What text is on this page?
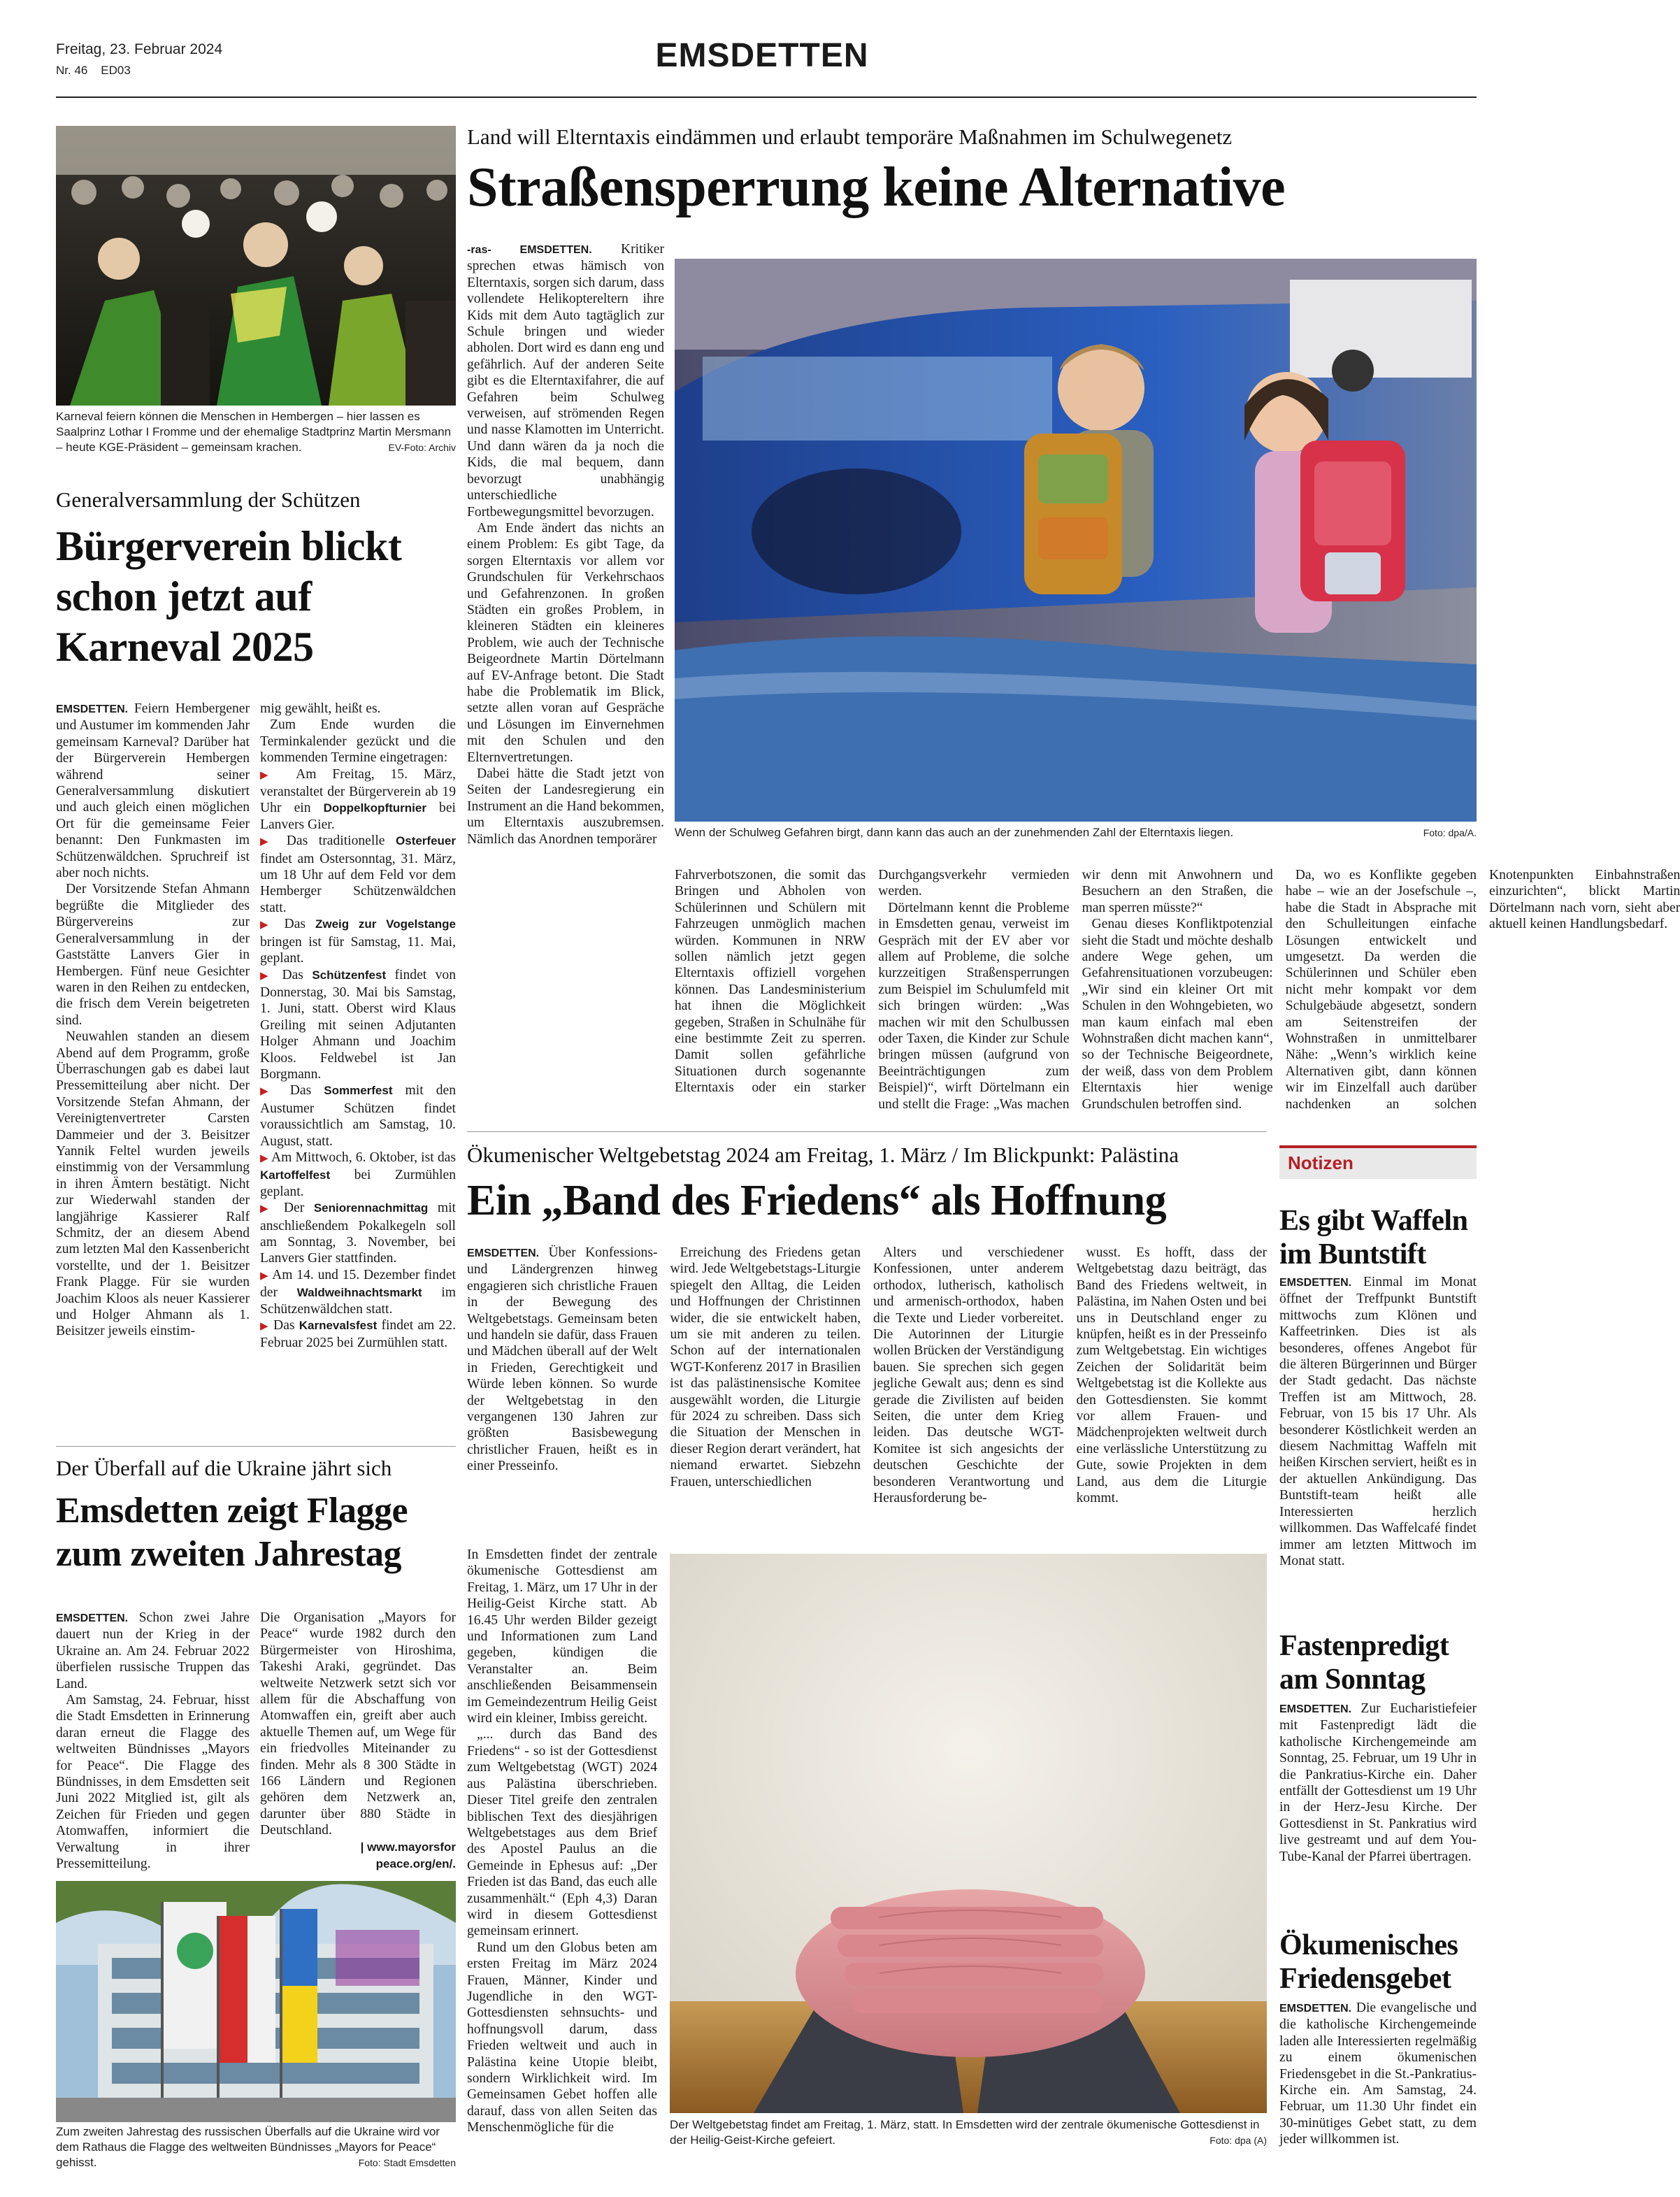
Freitag, 23. Februar 2024
Nr. 46 ED03	EMSDETTEN
Karneval feiern können die Menschen in Hembergen – hier lassen es Saalprinz Lothar I Fromme und der ehemalige Stadtprinz Martin Mersmann – heute KGE-Präsident – gemeinsam krachen.	EV-Foto: Archiv
Generalversammlung der Schützen
Bürgerverein blickt schon jetzt auf Karneval 2025

EMSDETTEN. Feiern Hembergener und Austumer im kommenden Jahr gemeinsam Karneval? Darüber hat der Bürgerverein Hembergen während seiner Generalversammlung diskutiert und auch gleich einen möglichen Ort für die gemeinsame Feier benannt: Den Funkmasten im Schützenwäldchen. Spruchreif ist aber noch nichts.

Der Vorsitzende Stefan Ahmann begrüßte die Mitglieder des Bürgervereins zur Generalversammlung in der Gaststätte Lanvers Gier in Hembergen. Fünf neue Gesichter waren in den Reihen zu entdecken, die frisch dem Verein beigetreten sind.

Neuwahlen standen an diesem Abend auf dem Programm, große Überraschungen gab es dabei laut Pressemitteilung aber nicht. Der Vorsitzende Stefan Ahmann, der Vereinigtenvertreter Carsten Dammeier und der 3. Beisitzer Yannik Feltel wurden jeweils einstimmig von der Versammlung in ihren Ämtern bestätigt. Nicht zur Wiederwahl standen der langjährige Kassierer Ralf Schmitz, der an diesem Abend zum letzten Mal den Kassenbericht vorstellte, und der 1. Beisitzer Frank Plagge. Für sie wurden Joachim Kloos als neuer Kassierer und Holger Ahmann als 1. Beisitzer jeweils einstim-

mig gewählt, heißt es.

Zum Ende wurden die Terminkalender gezückt und die kommenden Termine eingetragen:

▶ Am Freitag, 15. März, veranstaltet der Bürgerverein ab 19 Uhr ein Doppelkopfturnier bei Lanvers Gier.

▶ Das traditionelle Osterfeuer findet am Ostersonntag, 31. März, um 18 Uhr auf dem Feld vor dem Hemberger Schützenwäldchen statt.

▶ Das Zweig zur Vogelstange bringen ist für Samstag, 11. Mai, geplant.

▶ Das Schützenfest findet von Donnerstag, 30. Mai bis Samstag, 1. Juni, statt. Oberst wird Klaus Greiling mit seinen Adjutanten Holger Ahmann und Joachim Kloos. Feldwebel ist Jan Borgmann.

▶ Das Sommerfest mit den Austumer Schützen findet voraussichtlich am Samstag, 10. August, statt.

▶ Am Mittwoch, 6. Oktober, ist das Kartoffelfest bei Zurmühlen geplant.

▶ Der Seniorennachmittag mit anschließendem Pokalkegeln soll am Sonntag, 3. November, bei Lanvers Gier stattfinden.

▶ Am 14. und 15. Dezember findet der Waldweihnachtsmarkt im Schützenwäldchen statt.

▶ Das Karnevalsfest findet am 22. Februar 2025 bei Zurmühlen statt.

Der Überfall auf die Ukraine jährt sich
Emsdetten zeigt Flagge zum zweiten Jahrestag

EMSDETTEN. Schon zwei Jahre dauert nun der Krieg in der Ukraine an. Am 24. Februar 2022 überfielen russische Truppen das Land.

Am Samstag, 24. Februar, hisst die Stadt Emsdetten in Erinnerung daran erneut die Flagge des weltweiten Bündnisses „Mayors for Peace“. Die Flagge des Bündnisses, in dem Emsdetten seit Juni 2022 Mitglied ist, gilt als Zeichen für Frieden und gegen Atomwaffen, informiert die Verwaltung in ihrer Pressemitteilung.

Die Organisation „Mayors for Peace“ wurde 1982 durch den Bürgermeister von Hiroshima, Takeshi Araki, gegründet. Das weltweite Netzwerk setzt sich vor allem für die Abschaffung von Atomwaffen ein, greift aber auch aktuelle Themen auf, um Wege für ein friedvolles Miteinander zu finden. Mehr als 8 300 Städte in 166 Ländern und Regionen gehören dem Netzwerk an, darunter über 880 Städte in Deutschland.

| www.mayorsfor peace.org/en/.
Zum zweiten Jahrestag des russischen Überfalls auf die Ukraine wird vor dem Rathaus die Flagge des weltweiten Bündnisses „Mayors for Peace“ gehisst.	Foto: Stadt Emsdetten
Land will Elterntaxis eindämmen und erlaubt temporäre Maßnahmen im Schulwegenetz
Straßensperrung keine Alternative

-ras- EMSDETTEN. Kritiker sprechen etwas hämisch von Elterntaxis, sorgen sich darum, dass vollendete Helikoptereltern ihre Kids mit dem Auto tagtäglich zur Schule bringen und wieder abholen. Dort wird es dann eng und gefährlich. Auf der anderen Seite gibt es die Elterntaxifahrer, die auf Gefahren beim Schulweg verweisen, auf strömenden Regen und nasse Klamotten im Unterricht. Und dann wären da ja noch die Kids, die mal bequem, dann bevorzugt unabhängig unterschiedliche Fortbewegungsmittel bevorzugen.

Am Ende ändert das nichts an einem Problem: Es gibt Tage, da sorgen Elterntaxis vor allem vor Grundschulen für Verkehrschaos und Gefahrenzonen. In großen Städten ein großes Problem, in kleineren Städten ein kleineres Problem, wie auch der Technische Beigeordnete Martin Dörtelmann auf EV-Anfrage betont. Die Stadt habe die Problematik im Blick, setzte allen voran auf Gespräche und Lösungen im Einvernehmen mit den Schulen und den Elternvertretungen.

Dabei hätte die Stadt jetzt von Seiten der Landesregierung ein Instrument an die Hand bekommen, um Elterntaxis auszubremsen. Nämlich das Anordnen temporärer	Wenn der Schulweg Gefahren birgt, dann kann das auch an der zunehmenden Zahl der Elterntaxis liegen.	Foto: dpa/A.

Fahrverbotszonen, die somit das Bringen und Abholen von Schülerinnen und Schülern mit Fahrzeugen unmöglich machen würden. Kommunen in NRW sollen nämlich jetzt gegen Elterntaxis offiziell vorgehen können. Das Landesministerium hat ihnen die Möglichkeit gegeben, Straßen in Schulnähe für eine bestimmte Zeit zu sperren. Damit sollen gefährliche Situationen durch sogenannte Elterntaxis oder ein starker Durchgangsverkehr vermieden werden.

Dörtelmann kennt die Probleme in Emsdetten genau, verweist im Gespräch mit der EV aber vor allem auf Probleme, die solche kurzzeitigen Straßensperrungen zum Beispiel im Schulumfeld mit sich bringen würden: „Was machen wir mit den Schulbussen oder Taxen, die Kinder zur Schule bringen müssen (aufgrund von Beeinträchtigungen zum Beispiel)“, wirft Dörtelmann ein und stellt die Frage: „Was machen wir denn mit Anwohnern und Besuchern an den Straßen, die man sperren müsste?“

Genau dieses Konfliktpotenzial sieht die Stadt und möchte deshalb andere Wege gehen, um Gefahrensituationen vorzubeugen: „Wir sind ein kleiner Ort mit Schulen in den Wohngebieten, wo man kaum einfach mal eben Wohnstraßen dicht machen kann“, so der Technische Beigeordnete, der weiß, dass von dem Problem Elterntaxis hier wenige Grundschulen betroffen sind.

Da, wo es Konflikte gegeben habe – wie an der Josefschule –, habe die Stadt in Absprache mit den Schulleitungen einfache Lösungen entwickelt und umgesetzt. Da werden die Schülerinnen und Schüler eben nicht mehr kompakt vor dem Schulgebäude abgesetzt, sondern am Seitenstreifen der Wohnstraßen in unmittelbarer Nähe: „Wenn’s wirklich keine Alternativen gibt, dann können wir im Einzelfall auch darüber nachdenken an solchen Knotenpunkten Einbahnstraßen einzurichten“, blickt Martin Dörtelmann nach vorn, sieht aber aktuell keinen Handlungsbedarf.

Ökumenischer Weltgebetstag 2024 am Freitag, 1. März / Im Blickpunkt: Palästina
Ein „Band des Friedens“ als Hoffnung

EMSDETTEN. Über Konfessions- und Ländergrenzen hinweg engagieren sich christliche Frauen in der Bewegung des Weltgebetstags. Gemeinsam beten und handeln sie dafür, dass Frauen und Mädchen überall auf der Welt in Frieden, Gerechtigkeit und Würde leben können. So wurde der Weltgebetstag in den vergangenen 130 Jahren zur größten Basisbewegung christlicher Frauen, heißt es in einer Presseinfo.

Erreichung des Friedens getan wird. Jede Weltgebetstags-Liturgie spiegelt den Alltag, die Leiden und Hoffnungen der Christinnen wider, die sie entwickelt haben, um sie mit anderen zu teilen. Schon auf der internationalen WGT-Konferenz 2017 in Brasilien ist das palästinensische Komitee ausgewählt worden, die Liturgie für 2024 zu schreiben. Dass sich die Situation der Menschen in dieser Region derart verändert, hat niemand erwartet. Siebzehn Frauen, unterschiedlichen

Alters und verschiedener Konfessionen, unter anderem orthodox, lutherisch, katholisch und armenisch-orthodox, haben die Texte und Lieder vorbereitet. Die Autorinnen der Liturgie wollen Brücken der Verständigung bauen. Sie sprechen sich gegen jegliche Gewalt aus; denn es sind gerade die Zivilisten auf beiden Seiten, die unter dem Krieg leiden. Das deutsche WGT-Komitee ist sich angesichts der deutschen Geschichte der besonderen Verantwortung und Herausforderung be-

wusst. Es hofft, dass der Weltgebetstag dazu beiträgt, das Band des Friedens weltweit, in Palästina, im Nahen Osten und bei uns in Deutschland enger zu knüpfen, heißt es in der Presseinfo zum Weltgebetstag. Ein wichtiges Zeichen der Solidarität beim Weltgebetstag ist die Kollekte aus den Gottesdiensten. Sie kommt vor allem Frauen- und Mädchenprojekten weltweit durch eine verlässliche Unterstützung zu Gute, sowie Projekten in dem Land, aus dem die Liturgie kommt.

In Emsdetten findet der zentrale ökumenische Gottesdienst am Freitag, 1. März, um 17 Uhr in der Heilig-Geist Kirche statt. Ab 16.45 Uhr werden Bilder gezeigt und Informationen zum Land gegeben, kündigen die Veranstalter an. Beim anschließenden Beisammensein im Gemeindezentrum Heilig Geist wird ein kleiner, Imbiss gereicht.

„... durch das Band des Friedens“ - so ist der Gottesdienst zum Weltgebetstag (WGT) 2024 aus Palästina überschrieben. Dieser Titel greife den zentralen biblischen Text des diesjährigen Weltgebetstages aus dem Brief des Apostel Paulus an die Gemeinde in Ephesus auf: „Der Frieden ist das Band, das euch alle zusammenhält.“ (Eph 4,3) Daran wird in diesem Gottesdienst gemeinsam erinnert.

Rund um den Globus beten am ersten Freitag im März 2024 Frauen, Männer, Kinder und Jugendliche in den WGT-Gottesdiensten sehnsuchts- und hoffnungsvoll darum, dass Frieden weltweit und auch in Palästina keine Utopie bleibt, sondern Wirklichkeit wird. Im Gemeinsamen Gebet hoffen alle darauf, dass von allen Seiten das Menschenmögliche für die	Der Weltgebetstag findet am Freitag, 1. März, statt. In Emsdetten wird der zentrale ökumenische Gottesdienst in der Heilig-Geist-Kirche gefeiert.	Foto: dpa (A)
Notizen
Es gibt Waffeln im Buntstift

EMSDETTEN. Einmal im Monat öffnet der Treffpunkt Buntstift mittwochs zum Klönen und Kaffeetrinken. Dies ist als besonderes, offenes Angebot für die älteren Bürgerinnen und Bürger der Stadt gedacht. Das nächste Treffen ist am Mittwoch, 28. Februar, von 15 bis 17 Uhr. Als besonderer Köstlichkeit werden an diesem Nachmittag Waffeln mit heißen Kirschen serviert, heißt es in der aktuellen Ankündigung. Das Buntstift-team heißt alle Interessierten herzlich willkommen. Das Waffelcafé findet immer am letzten Mittwoch im Monat statt.

Fastenpredigt am Sonntag

EMSDETTEN. Zur Eucharistiefeier mit Fastenpredigt lädt die katholische Kirchengemeinde am Sonntag, 25. Februar, um 19 Uhr in die Pankratius-Kirche ein. Daher entfällt der Gottesdienst um 19 Uhr in der Herz-Jesu Kirche. Der Gottesdienst in St. Pankratius wird live gestreamt und auf dem You-Tube-Kanal der Pfarrei übertragen.

Ökumenisches Friedensgebet

EMSDETTEN. Die evangelische und die katholische Kirchengemeinde laden alle Interessierten regelmäßig zu einem ökumenischen Friedensgebet in die St.-Pankratius-Kirche ein. Am Samstag, 24. Februar, um 11.30 Uhr findet ein 30-minütiges Gebet statt, zu dem jeder willkommen ist.
